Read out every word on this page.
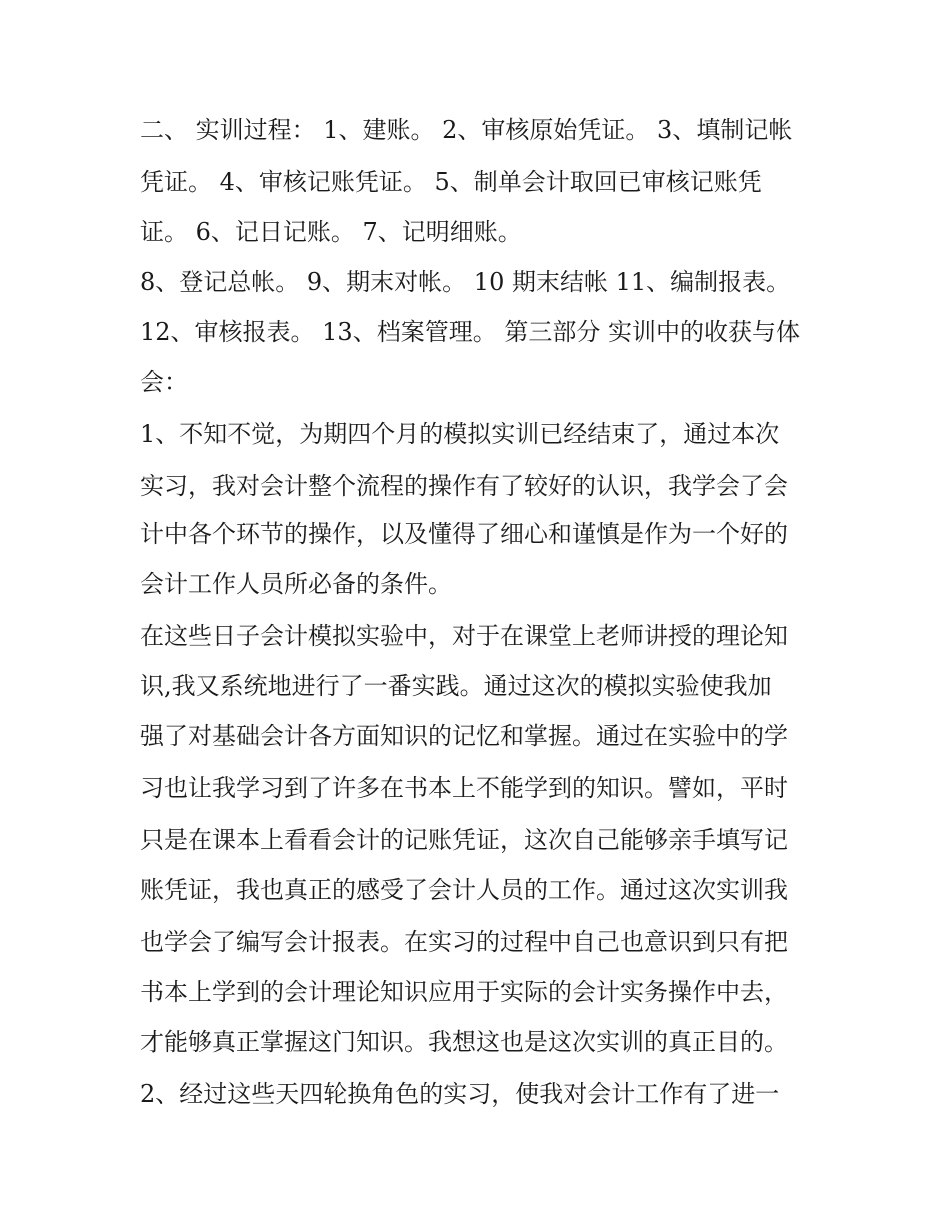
二、 实训过程： 1、建账。 2、审核原始凭证。 3、填制记帐
凭证。 4、审核记账凭证。 5、制单会计取回已审核记账凭
证。 6、记日记账。 7、记明细账。
8、登记总帐。 9、期末对帐。 10 期末结帐 11、编制报表。
12、审核报表。 13、档案管理。 第三部分 实训中的收获与体
会：
1、不知不觉，为期四个月的模拟实训已经结束了，通过本次
实习，我对会计整个流程的操作有了较好的认识，我学会了会
计中各个环节的操作，以及懂得了细心和谨慎是作为一个好的
会计工作人员所必备的条件。
在这些日子会计模拟实验中，对于在课堂上老师讲授的理论知
识,我又系统地进行了一番实践。通过这次的模拟实验使我加
强了对基础会计各方面知识的记忆和掌握。通过在实验中的学
习也让我学习到了许多在书本上不能学到的知识。譬如，平时
只是在课本上看看会计的记账凭证，这次自己能够亲手填写记
账凭证，我也真正的感受了会计人员的工作。通过这次实训我
也学会了编写会计报表。在实习的过程中自己也意识到只有把
书本上学到的会计理论知识应用于实际的会计实务操作中去，
才能够真正掌握这门知识。我想这也是这次实训的真正目的。
2、经过这些天四轮换角色的实习，使我对会计工作有了进一
